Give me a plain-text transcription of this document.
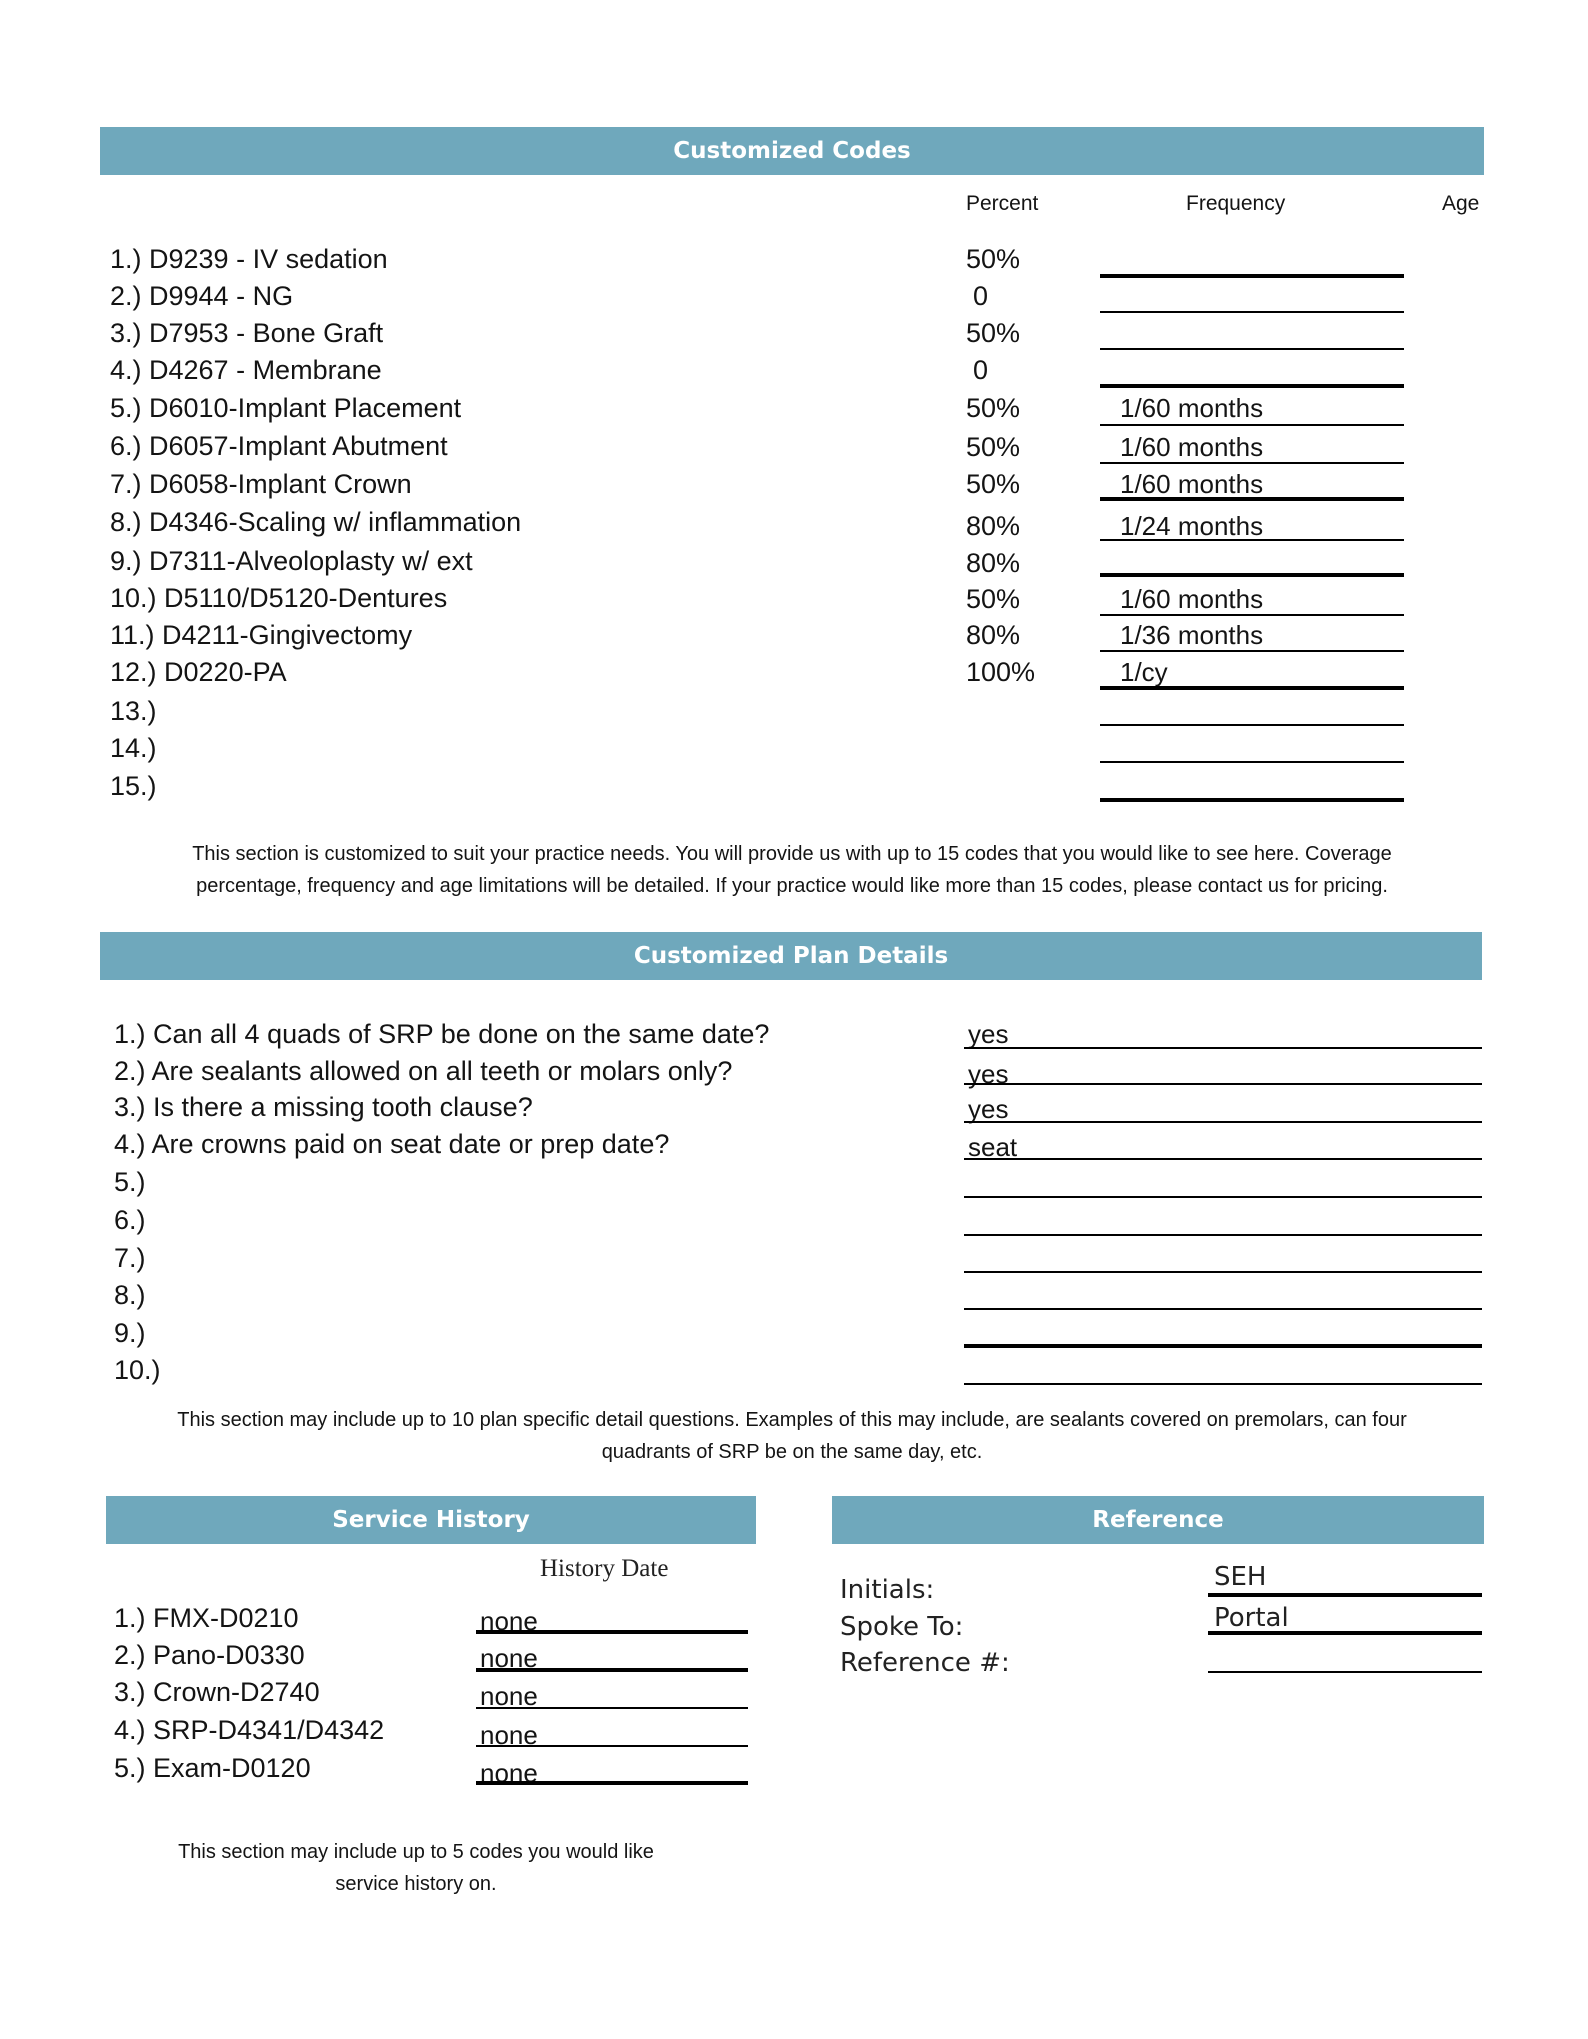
Customized Codes
Percent	Frequency	Age
1.) D9239 - IV sedation	50%
2.) D9944 - NG	0
3.) D7953 - Bone Graft	50%
4.) D4267 - Membrane	0
5.) D6010-Implant Placement	50%	1/60 months
6.) D6057-Implant Abutment	50%	1/60 months
7.) D6058-Implant Crown	50%	1/60 months
8.) D4346-Scaling w/ inflammation	80%	1/24 months
9.) D7311-Alveoloplasty w/ ext	80%
10.) D5110/D5120-Dentures	50%	1/60 months
11.) D4211-Gingivectomy	80%	1/36 months
12.) D0220-PA	100%	1/cy
13.)
14.)
15.)
This section is customized to suit your practice needs. You will provide us with up to 15 codes that you would like to see here. Coverage
percentage, frequency and age limitations will be detailed. If your practice would like more than 15 codes, please contact us for pricing.
Customized Plan Details
1.) Can all 4 quads of SRP be done on the same date?	yes
2.) Are sealants allowed on all teeth or molars only?	yes
3.) Is there a missing tooth clause?	yes
4.) Are crowns paid on seat date or prep date?	seat
5.)
6.)
7.)
8.)
9.)
10.)
This section may include up to 10 plan specific detail questions. Examples of this may include, are sealants covered on premolars, can four
quadrants of SRP be on the same day, etc.
Service History
History Date
1.) FMX-D0210	none
2.) Pano-D0330	none
3.) Crown-D2740	none
4.) SRP-D4341/D4342	none
5.) Exam-D0120	none
This section may include up to 5 codes you would like
service history on.
Reference
Initials:	SEH
Spoke To:	Portal
Reference #:
